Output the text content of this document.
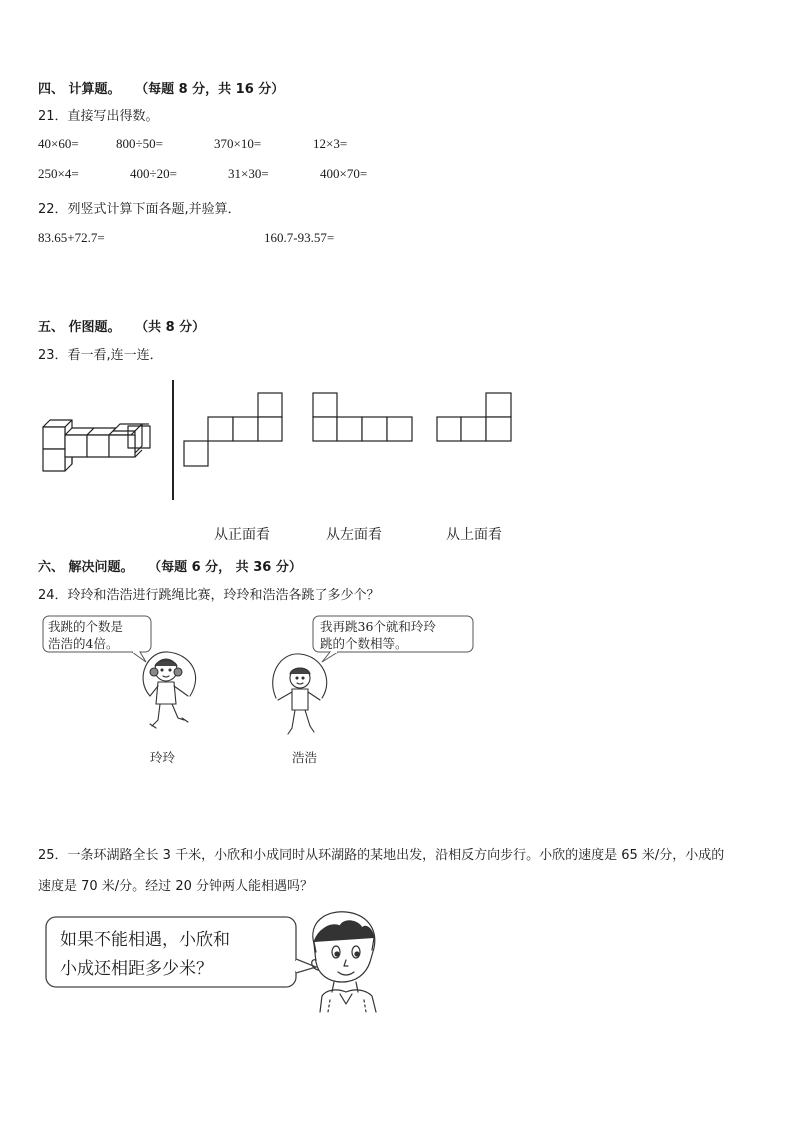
四、 计算题。 （每题 8 分，共 16 分）
21．直接写出得数。
40×60=	800÷50=	370×10=	12×3=
250×4=	400÷20=	31×30=	400×70=
22．列竖式计算下面各题,并验算．
83.65+72.7=	160.7-93.57=
五、 作图题。 （共 8 分）
23．看一看,连一连．
从正面看	从左面看	从上面看
六、 解决问题。 （每题 6 分， 共 36 分）
24．玲玲和浩浩进行跳绳比赛，玲玲和浩浩各跳了多少个？
我跳的个数是
浩浩的4倍。
我再跳36个就和玲玲
跳的个数相等。
玲玲	浩浩
25．一条环湖路全长 3 千米，小欣和小成同时从环湖路的某地出发，沿相反方向步行。小欣的速度是 65 米/分，小成的
速度是 70 米/分。经过 20 分钟两人能相遇吗？
如果不能相遇，小欣和
小成还相距多少米？
